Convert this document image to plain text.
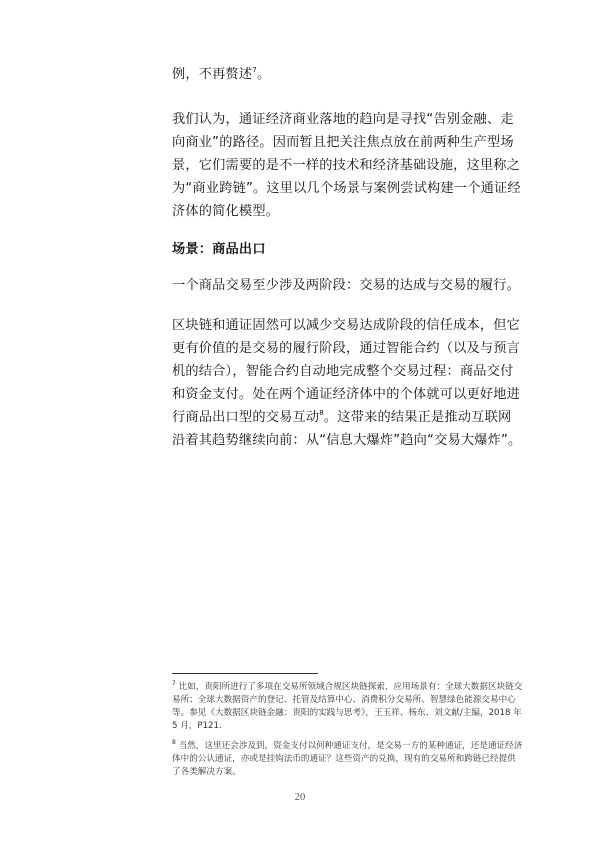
例，不再赘述$^7$。

我们认为，通证经济商业落地的趋向是寻找“告别金融、走向商业”的路径。因而暂且把关注焦点放在前两种生产型场景，它们需要的是不一样的技术和经济基础设施，这里称之为“商业跨链”。这里以几个场景与案例尝试构建一个通证经济体的简化模型。

场景：商品出口

一个商品交易至少涉及两阶段：交易的达成与交易的履行。

区块链和通证固然可以减少交易达成阶段的信任成本，但它更有价值的是交易的履行阶段，通过智能合约（以及与预言机的结合），智能合约自动地完成整个交易过程：商品交付和资金支付。处在两个通证经济体中的个体就可以更好地进行商品出口型的交易互动$^8$。这带来的结果正是推动互联网沿着其趋势继续向前：从“信息大爆炸”趋向“交易大爆炸”。

$^7$ 比如，贵阳所进行了多项在交易所领域合规区块链探索，应用场景有：全球大数据区块链交易所；全球大数据资产的登记、托管及结算中心、消费积分交易所、智慧绿色能源交易中心等。参见《大数据区块链金融：贵阳的实践与思考》，王玉祥、杨东、刘文献/主编，2018 年 5 月，P121.

$^8$ 当然，这里还会涉及到，资金支付以何种通证支付，是交易一方的某种通证，还是通证经济体中的公认通证，亦或是挂钩法币的通证？这些资产的兑换，现有的交易所和跨链已经提供了各类解决方案。

20
